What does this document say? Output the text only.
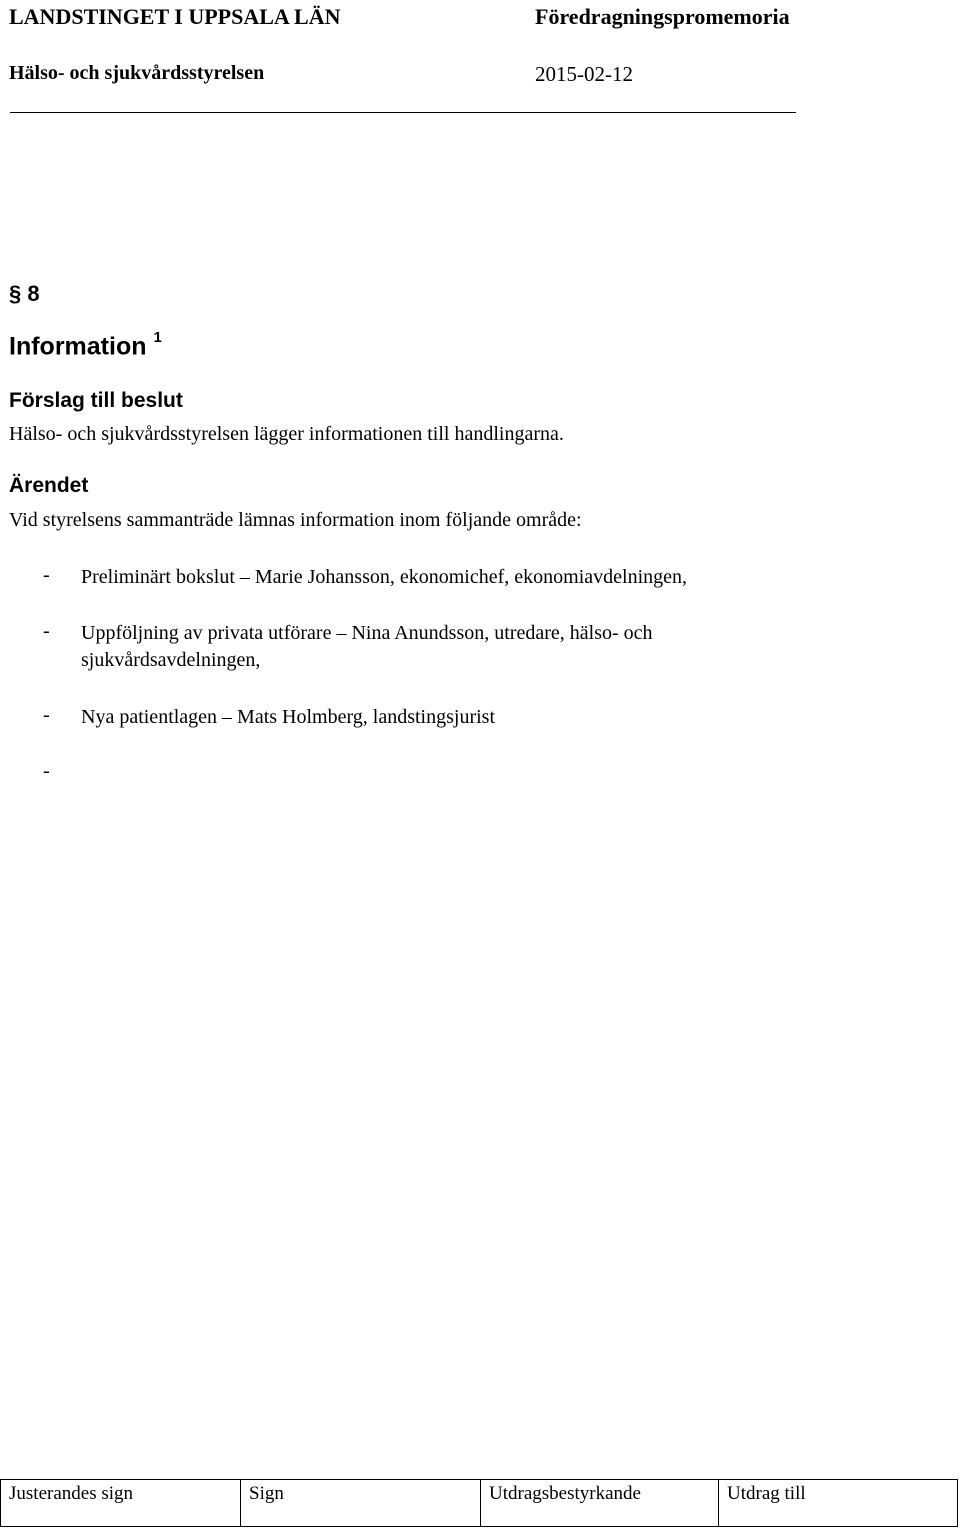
LANDSTINGET I UPPSALA LÄN	Föredragningspromemoria
Hälso- och sjukvårdsstyrelsen	2015-02-12
§ 8
Information $^1$
Förslag till beslut
Hälso- och sjukvårdsstyrelsen lägger informationen till handlingarna.
Ärendet
Vid styrelsens sammanträde lämnas information inom följande område:
- Preliminärt bokslut – Marie Johansson, ekonomichef, ekonomiavdelningen,
- Uppföljning av privata utförare – Nina Anundsson, utredare, hälso- och
sjukvårdsavdelningen,
- Nya patientlagen – Mats Holmberg, landstingsjurist
-
Justerandes sign	Sign	Utdragsbestyrkande	Utdrag till
